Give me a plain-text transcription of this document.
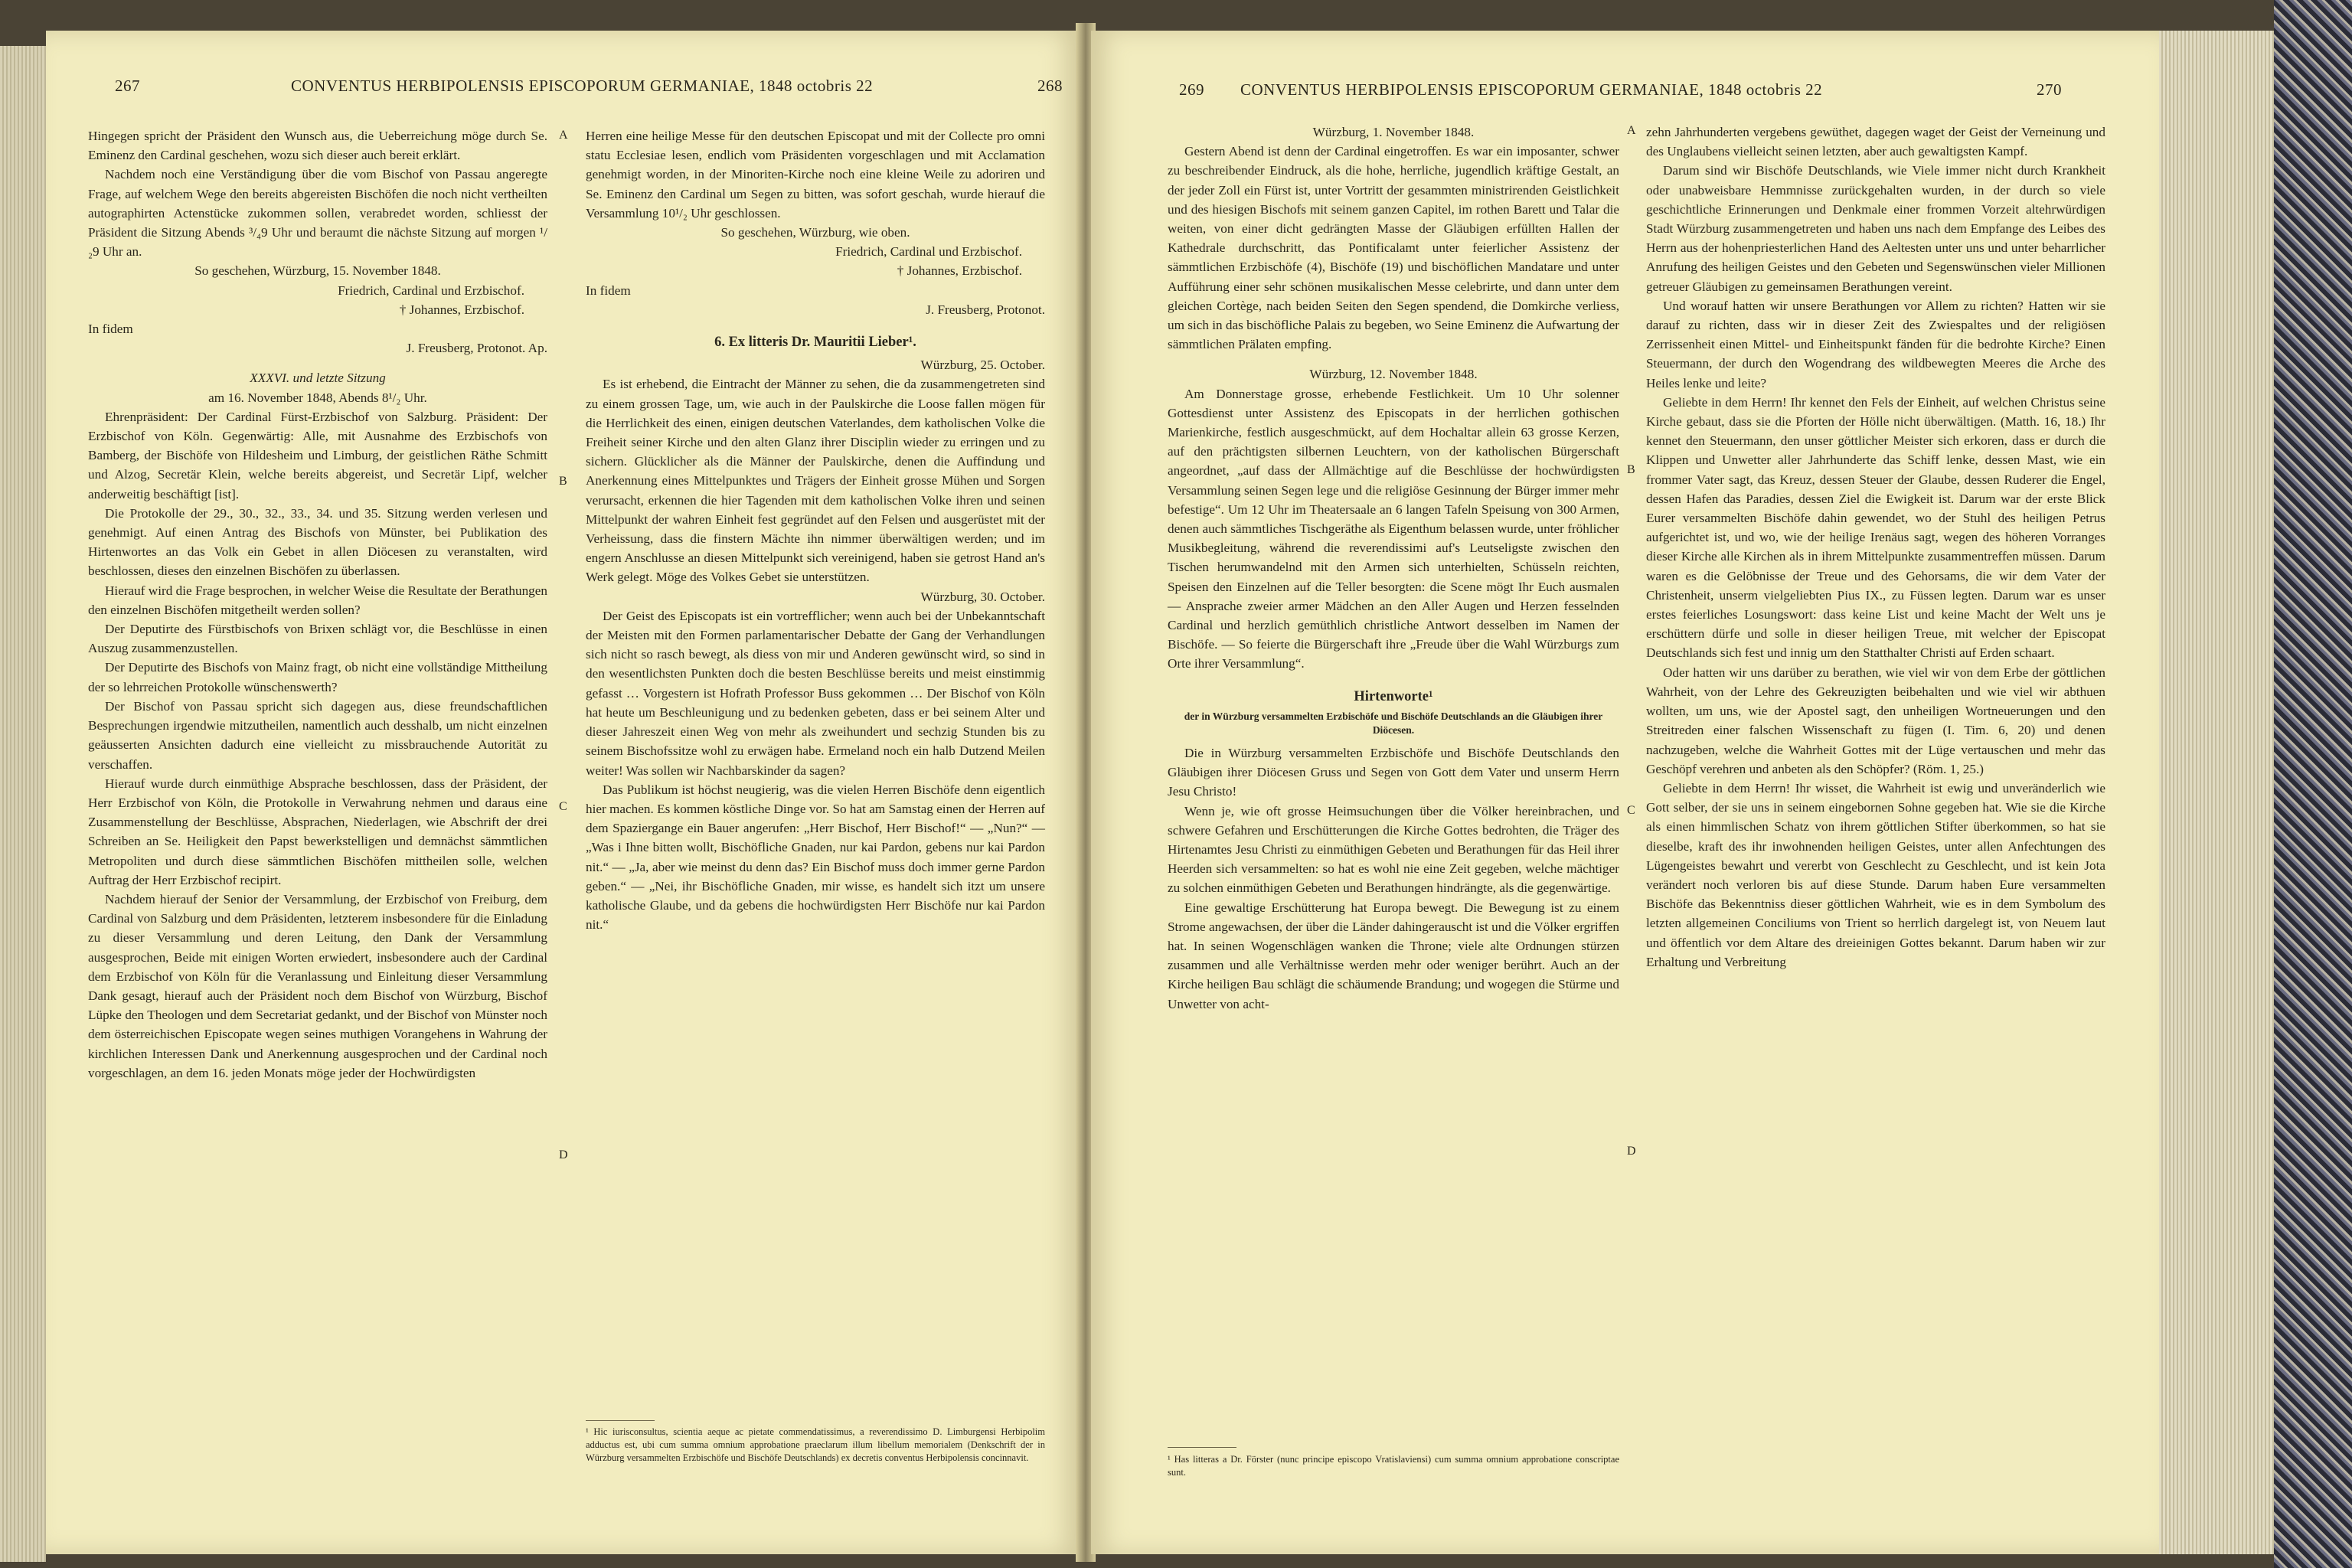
267	CONVENTUS HERBIPOLENSIS EPISCOPORUM GERMANIAE, 1848 octobris 22	268

Hingegen spricht der Präsident den Wunsch aus, die Ueberreichung möge durch Se. Eminenz den Cardinal geschehen, wozu sich dieser auch bereit erklärt.

Nachdem noch eine Verständigung über die vom Bischof von Passau angeregte Frage, auf welchem Wege den bereits abgereisten Bischöfen die noch nicht vertheilten autographirten Actenstücke zukommen sollen, verabredet worden, schliesst der Präsident die Sitzung Abends ³/₄9 Uhr und beraumt die nächste Sitzung auf morgen ¹/₂9 Uhr an.

So geschehen, Würzburg, 15. November 1848.

Friedrich, Cardinal und Erzbischof.

† Johannes, Erzbischof.

In fidem

J. Freusberg, Protonot. Ap.

XXXVI. und letzte Sitzung

am 16. November 1848, Abends 8¹/₂ Uhr.

Ehrenpräsident: Der Cardinal Fürst-Erzbischof von Salzburg. Präsident: Der Erzbischof von Köln. Gegenwärtig: Alle, mit Ausnahme des Erzbischofs von Bamberg, der Bischöfe von Hildesheim und Limburg, der geistlichen Räthe Schmitt und Alzog, Secretär Klein, welche bereits abgereist, und Secretär Lipf, welcher anderweitig beschäftigt [ist].

Die Protokolle der 29., 30., 32., 33., 34. und 35. Sitzung werden verlesen und genehmigt. Auf einen Antrag des Bischofs von Münster, bei Publikation des Hirtenwortes an das Volk ein Gebet in allen Diöcesen zu veranstalten, wird beschlossen, dieses den einzelnen Bischöfen zu überlassen.

Hierauf wird die Frage besprochen, in welcher Weise die Resultate der Berathungen den einzelnen Bischöfen mitgetheilt werden sollen?

Der Deputirte des Fürstbischofs von Brixen schlägt vor, die Beschlüsse in einen Auszug zusammenzustellen.

Der Deputirte des Bischofs von Mainz fragt, ob nicht eine vollständige Mittheilung der so lehrreichen Protokolle wünschenswerth?

Der Bischof von Passau spricht sich dagegen aus, diese freundschaftlichen Besprechungen irgendwie mitzutheilen, namentlich auch desshalb, um nicht einzelnen geäusserten Ansichten dadurch eine vielleicht zu missbrauchende Autorität zu verschaffen.

Hierauf wurde durch einmüthige Absprache beschlossen, dass der Präsident, der Herr Erzbischof von Köln, die Protokolle in Verwahrung nehmen und daraus eine Zusammenstellung der Beschlüsse, Absprachen, Niederlagen, wie Abschrift der drei Schreiben an Se. Heiligkeit den Papst bewerkstelligen und demnächst sämmtlichen Metropoliten und durch diese sämmtlichen Bischöfen mittheilen solle, welchen Auftrag der Herr Erzbischof recipirt.

Nachdem hierauf der Senior der Versammlung, der Erzbischof von Freiburg, dem Cardinal von Salzburg und dem Präsidenten, letzterem insbesondere für die Einladung zu dieser Versammlung und deren Leitung, den Dank der Versammlung ausgesprochen, Beide mit einigen Worten erwiedert, insbesondere auch der Cardinal dem Erzbischof von Köln für die Veranlassung und Einleitung dieser Versammlung Dank gesagt, hierauf auch der Präsident noch dem Bischof von Würzburg, Bischof Lüpke den Theologen und dem Secretariat gedankt, und der Bischof von Münster noch dem österreichischen Episcopate wegen seines muthigen Vorangehens in Wahrung der kirchlichen Interessen Dank und Anerkennung ausgesprochen und der Cardinal noch vorgeschlagen, an dem 16. jeden Monats möge jeder der Hochwürdigsten

Herren eine heilige Messe für den deutschen Episcopat und mit der Collecte pro omni statu Ecclesiae lesen, endlich vom Präsidenten vorgeschlagen und mit Acclamation genehmigt worden, in der Minoriten-Kirche noch eine kleine Weile zu adoriren und Se. Eminenz den Cardinal um Segen zu bitten, was sofort geschah, wurde hierauf die Versammlung 10¹/₂ Uhr geschlossen.

So geschehen, Würzburg, wie oben.

Friedrich, Cardinal und Erzbischof.

† Johannes, Erzbischof.

In fidem

J. Freusberg, Protonot.

6. Ex litteris Dr. Mauritii Lieber¹.

Würzburg, 25. October.

Es ist erhebend, die Eintracht der Männer zu sehen, die da zusammengetreten sind zu einem grossen Tage, um, wie auch in der Paulskirche die Loose fallen mögen für die Herrlichkeit des einen, einigen deutschen Vaterlandes, dem katholischen Volke die Freiheit seiner Kirche und den alten Glanz ihrer Disciplin wieder zu erringen und zu sichern. Glücklicher als die Männer der Paulskirche, denen die Auffindung und Anerkennung eines Mittelpunktes und Trägers der Einheit grosse Mühen und Sorgen verursacht, erkennen die hier Tagenden mit dem katholischen Volke ihren und seinen Mittelpunkt der wahren Einheit fest gegründet auf den Felsen und ausgerüstet mit der Verheissung, dass die finstern Mächte ihn nimmer überwältigen werden; und im engern Anschlusse an diesen Mittelpunkt sich vereinigend, haben sie getrost Hand an's Werk gelegt. Möge des Volkes Gebet sie unterstützen.

Würzburg, 30. October.

Der Geist des Episcopats ist ein vortrefflicher; wenn auch bei der Unbekanntschaft der Meisten mit den Formen parlamentarischer Debatte der Gang der Verhandlungen sich nicht so rasch bewegt, als diess von mir und Anderen gewünscht wird, so sind in den wesentlichsten Punkten doch die besten Beschlüsse bereits und meist einstimmig gefasst … Vorgestern ist Hofrath Professor Buss gekommen … Der Bischof von Köln hat heute um Beschleunigung und zu bedenken gebeten, dass er bei seinem Alter und dieser Jahreszeit einen Weg von mehr als zweihundert und sechzig Stunden bis zu seinem Bischofssitze wohl zu erwägen habe. Ermeland noch ein halb Dutzend Meilen weiter! Was sollen wir Nachbarskinder da sagen?

Das Publikum ist höchst neugierig, was die vielen Herren Bischöfe denn eigentlich hier machen. Es kommen köstliche Dinge vor. So hat am Samstag einen der Herren auf dem Spaziergange ein Bauer angerufen: „Herr Bischof, Herr Bischof!“ — „Nun?“ — „Was i Ihne bitten wollt, Bischöfliche Gnaden, nur kai Pardon, gebens nur kai Pardon nit.“ — „Ja, aber wie meinst du denn das? Ein Bischof muss doch immer gerne Pardon geben.“ — „Nei, ihr Bischöfliche Gnaden, mir wisse, es handelt sich itzt um unsere katholische Glaube, und da gebens die hochwürdigsten Herr Bischöfe nur kai Pardon nit.“

¹ Hic iurisconsultus, scientia aeque ac pietate commendatissimus, a reverendissimo D. Limburgensi Herbipolim adductus est, ubi cum summa omnium approbatione praeclarum illum libellum memorialem (Denkschrift der in Würzburg versammelten Erzbischöfe und Bischöfe Deutschlands) ex decretis conventus Herbipolensis concinnavit.
A
B
C
D
269 CONVENTUS HERBIPOLENSIS EPISCOPORUM GERMANIAE, 1848 octobris 22	270

Würzburg, 1. November 1848.

Gestern Abend ist denn der Cardinal eingetroffen. Es war ein imposanter, schwer zu beschreibender Eindruck, als die hohe, herrliche, jugendlich kräftige Gestalt, an der jeder Zoll ein Fürst ist, unter Vortritt der gesammten ministrirenden Geistlichkeit und des hiesigen Bischofs mit seinem ganzen Capitel, im rothen Barett und Talar die weiten, von einer dicht gedrängten Masse der Gläubigen erfüllten Hallen der Kathedrale durchschritt, das Pontificalamt unter feierlicher Assistenz der sämmtlichen Erzbischöfe (4), Bischöfe (19) und bischöflichen Mandatare und unter Aufführung einer sehr schönen musikalischen Messe celebrirte, und dann unter dem gleichen Cortège, nach beiden Seiten den Segen spendend, die Domkirche verliess, um sich in das bischöfliche Palais zu begeben, wo Seine Eminenz die Aufwartung der sämmtlichen Prälaten empfing.

Würzburg, 12. November 1848.

Am Donnerstage grosse, erhebende Festlichkeit. Um 10 Uhr solenner Gottesdienst unter Assistenz des Episcopats in der herrlichen gothischen Marienkirche, festlich ausgeschmückt, auf dem Hochaltar allein 63 grosse Kerzen, auf den prächtigsten silbernen Leuchtern, von der katholischen Bürgerschaft angeordnet, „auf dass der Allmächtige auf die Beschlüsse der hochwürdigsten Versammlung seinen Segen lege und die religiöse Gesinnung der Bürger immer mehr befestige“. Um 12 Uhr im Theatersaale an 6 langen Tafeln Speisung von 300 Armen, denen auch sämmtliches Tischgeräthe als Eigenthum belassen wurde, unter fröhlicher Musikbegleitung, während die reverendissimi auf's Leutseligste zwischen den Tischen herumwandelnd mit den Armen sich unterhielten, Schüsseln reichten, Speisen den Einzelnen auf die Teller besorgten: die Scene mögt Ihr Euch ausmalen — Ansprache zweier armer Mädchen an den Aller Augen und Herzen fesselnden Cardinal und herzlich gemüthlich christliche Antwort desselben im Namen der Bischöfe. — So feierte die Bürgerschaft ihre „Freude über die Wahl Würzburgs zum Orte ihrer Versammlung“.

Hirtenworte¹

der in Würzburg versammelten Erzbischöfe und Bischöfe Deutschlands an die Gläubigen ihrer Diöcesen.

Die in Würzburg versammelten Erzbischöfe und Bischöfe Deutschlands den Gläubigen ihrer Diöcesen Gruss und Segen von Gott dem Vater und unserm Herrn Jesu Christo!

Wenn je, wie oft grosse Heimsuchungen über die Völker hereinbrachen, und schwere Gefahren und Erschütterungen die Kirche Gottes bedrohten, die Träger des Hirtenamtes Jesu Christi zu einmüthigen Gebeten und Berathungen für das Heil ihrer Heerden sich versammelten: so hat es wohl nie eine Zeit gegeben, welche mächtiger zu solchen einmüthigen Gebeten und Berathungen hindrängte, als die gegenwärtige.

Eine gewaltige Erschütterung hat Europa bewegt. Die Bewegung ist zu einem Strome angewachsen, der über die Länder dahingerauscht ist und die Völker ergriffen hat. In seinen Wogenschlägen wanken die Throne; viele alte Ordnungen stürzen zusammen und alle Verhältnisse werden mehr oder weniger berührt. Auch an der Kirche heiligen Bau schlägt die schäumende Brandung; und wogegen die Stürme und Unwetter von acht-

¹ Has litteras a Dr. Förster (nunc principe episcopo Vratislaviensi) cum summa omnium approbatione conscriptae sunt.

zehn Jahrhunderten vergebens gewüthet, dagegen waget der Geist der Verneinung und des Unglaubens vielleicht seinen letzten, aber auch gewaltigsten Kampf.

Darum sind wir Bischöfe Deutschlands, wie Viele immer nicht durch Krankheit oder unabweisbare Hemmnisse zurückgehalten wurden, in der durch so viele geschichtliche Erinnerungen und Denkmale einer frommen Vorzeit altehrwürdigen Stadt Würzburg zusammengetreten und haben uns nach dem Empfange des Leibes des Herrn aus der hohenpriesterlichen Hand des Aeltesten unter uns und unter beharrlicher Anrufung des heiligen Geistes und den Gebeten und Segenswünschen vieler Millionen getreuer Gläubigen zu gemeinsamen Berathungen vereint.

Und worauf hatten wir unsere Berathungen vor Allem zu richten? Hatten wir sie darauf zu richten, dass wir in dieser Zeit des Zwiespaltes und der religiösen Zerrissenheit einen Mittel- und Einheitspunkt fänden für die bedrohte Kirche? Einen Steuermann, der durch den Wogendrang des wildbewegten Meeres die Arche des Heiles lenke und leite?

Geliebte in dem Herrn! Ihr kennet den Fels der Einheit, auf welchen Christus seine Kirche gebaut, dass sie die Pforten der Hölle nicht überwältigen. (Matth. 16, 18.) Ihr kennet den Steuermann, den unser göttlicher Meister sich erkoren, dass er durch die Klippen und Unwetter aller Jahrhunderte das Schiff lenke, dessen Mast, wie ein frommer Vater sagt, das Kreuz, dessen Steuer der Glaube, dessen Ruderer die Engel, dessen Hafen das Paradies, dessen Ziel die Ewigkeit ist. Darum war der erste Blick Eurer versammelten Bischöfe dahin gewendet, wo der Stuhl des heiligen Petrus aufgerichtet ist, und wo, wie der heilige Irenäus sagt, wegen des höheren Vorranges dieser Kirche alle Kirchen als in ihrem Mittelpunkte zusammentreffen müssen. Darum waren es die Gelöbnisse der Treue und des Gehorsams, die wir dem Vater der Christenheit, unserm vielgeliebten Pius IX., zu Füssen legten. Darum war es unser erstes feierliches Losungswort: dass keine List und keine Macht der Welt uns je erschüttern dürfe und solle in dieser heiligen Treue, mit welcher der Episcopat Deutschlands sich fest und innig um den Statthalter Christi auf Erden schaart.

Oder hatten wir uns darüber zu berathen, wie viel wir von dem Erbe der göttlichen Wahrheit, von der Lehre des Gekreuzigten beibehalten und wie viel wir abthuen wollten, um uns, wie der Apostel sagt, den unheiligen Wortneuerungen und den Streitreden einer falschen Wissenschaft zu fügen (I. Tim. 6, 20) und denen nachzugeben, welche die Wahrheit Gottes mit der Lüge vertauschen und mehr das Geschöpf verehren und anbeten als den Schöpfer? (Röm. 1, 25.)

Geliebte in dem Herrn! Ihr wisset, die Wahrheit ist ewig und unveränderlich wie Gott selber, der sie uns in seinem eingebornen Sohne gegeben hat. Wie sie die Kirche als einen himmlischen Schatz von ihrem göttlichen Stifter überkommen, so hat sie dieselbe, kraft des ihr inwohnenden heiligen Geistes, unter allen Anfechtungen des Lügengeistes bewahrt und vererbt von Geschlecht zu Geschlecht, und ist kein Jota verändert noch verloren bis auf diese Stunde. Darum haben Eure versammelten Bischöfe das Bekenntniss dieser göttlichen Wahrheit, wie es in dem Symbolum des letzten allgemeinen Conciliums von Trient so herrlich dargelegt ist, von Neuem laut und öffentlich vor dem Altare des dreieinigen Gottes bekannt. Darum haben wir zur Erhaltung und Verbreitung

A
B
C
D
